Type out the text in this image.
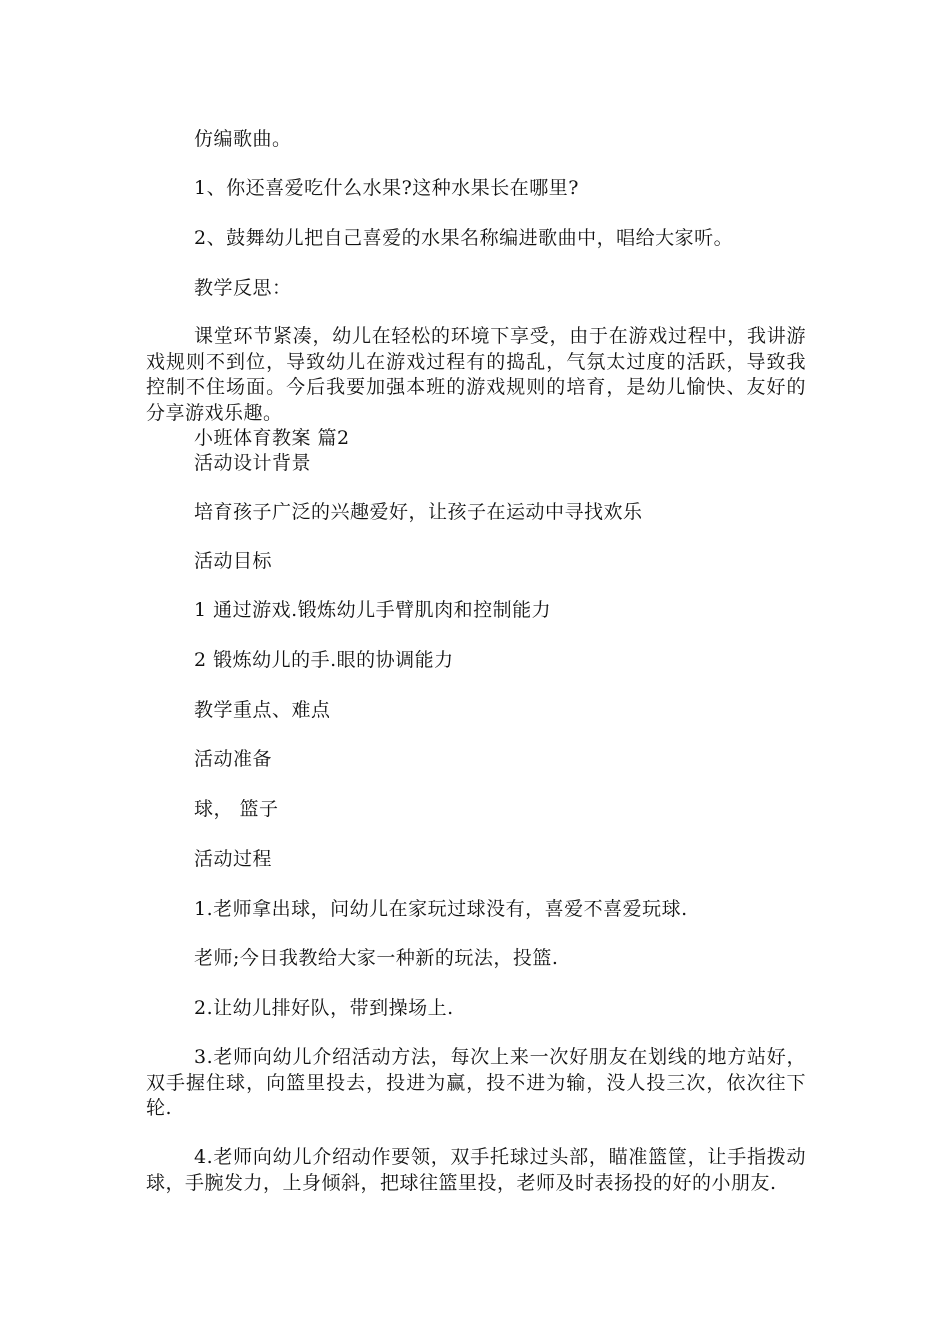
仿编歌曲。
1、你还喜爱吃什么水果?这种水果长在哪里?
2、鼓舞幼儿把自己喜爱的水果名称编进歌曲中，唱给大家听。
教学反思：
课堂环节紧凑，幼儿在轻松的环境下享受，由于在游戏过程中，我讲游戏规则不到位，导致幼儿在游戏过程有的捣乱，气氛太过度的活跃，导致我控制不住场面。今后我要加强本班的游戏规则的培育，是幼儿愉快、友好的分享游戏乐趣。
小班体育教案 篇2
活动设计背景
培育孩子广泛的兴趣爱好，让孩子在运动中寻找欢乐
活动目标
1 通过游戏.锻炼幼儿手臂肌肉和控制能力
2 锻炼幼儿的手.眼的协调能力
教学重点、难点
活动准备
球， 篮子
活动过程
1.老师拿出球，问幼儿在家玩过球没有，喜爱不喜爱玩球.
老师;今日我教给大家一种新的玩法，投篮.
2.让幼儿排好队，带到操场上.
3.老师向幼儿介绍活动方法，每次上来一次好朋友在划线的地方站好，双手握住球，向篮里投去，投进为赢，投不进为输，没人投三次，依次往下轮.
4.老师向幼儿介绍动作要领，双手托球过头部，瞄准篮筐，让手指拨动球，手腕发力，上身倾斜，把球往篮里投，老师及时表扬投的好的小朋友.
